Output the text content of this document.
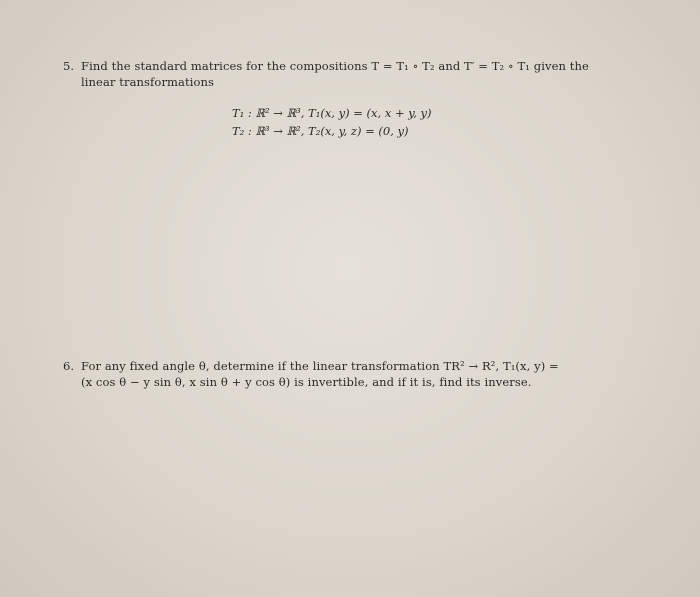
5. Find the standard matrices for the compositions T = T₁ ∘ T₂ and T′ = T₂ ∘ T₁ given the
linear transformations
T₁ : ℝ² → ℝ³, T₁(x, y) = (x, x + y, y)
T₂ : ℝ³ → ℝ², T₂(x, y, z) = (0, y)
6. For any fixed angle θ, determine if the linear transformation TR² → R², T₁(x, y) =
(x cos θ − y sin θ, x sin θ + y cos θ) is invertible, and if it is, find its inverse.
